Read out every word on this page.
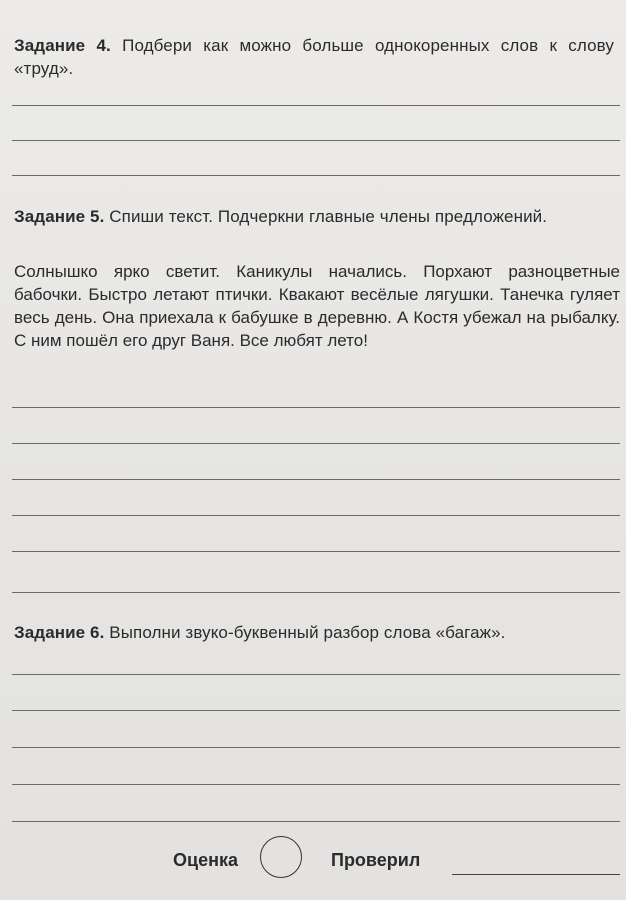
Задание 4. Подбери как можно больше однокоренных слов к слову «труд».
Задание 5. Спиши текст. Подчеркни главные члены предложений.
Солнышко ярко светит. Каникулы начались. Порхают разноцветные бабочки. Быстро летают птички. Квакают весёлые лягушки. Танечка гуляет весь день. Она приехала к бабушке в деревню. А Костя убежал на рыбалку. С ним пошёл его друг Ваня. Все любят лето!
Задание 6. Выполни звуко-буквенный разбор слова «багаж».
Оценка	Проверил
